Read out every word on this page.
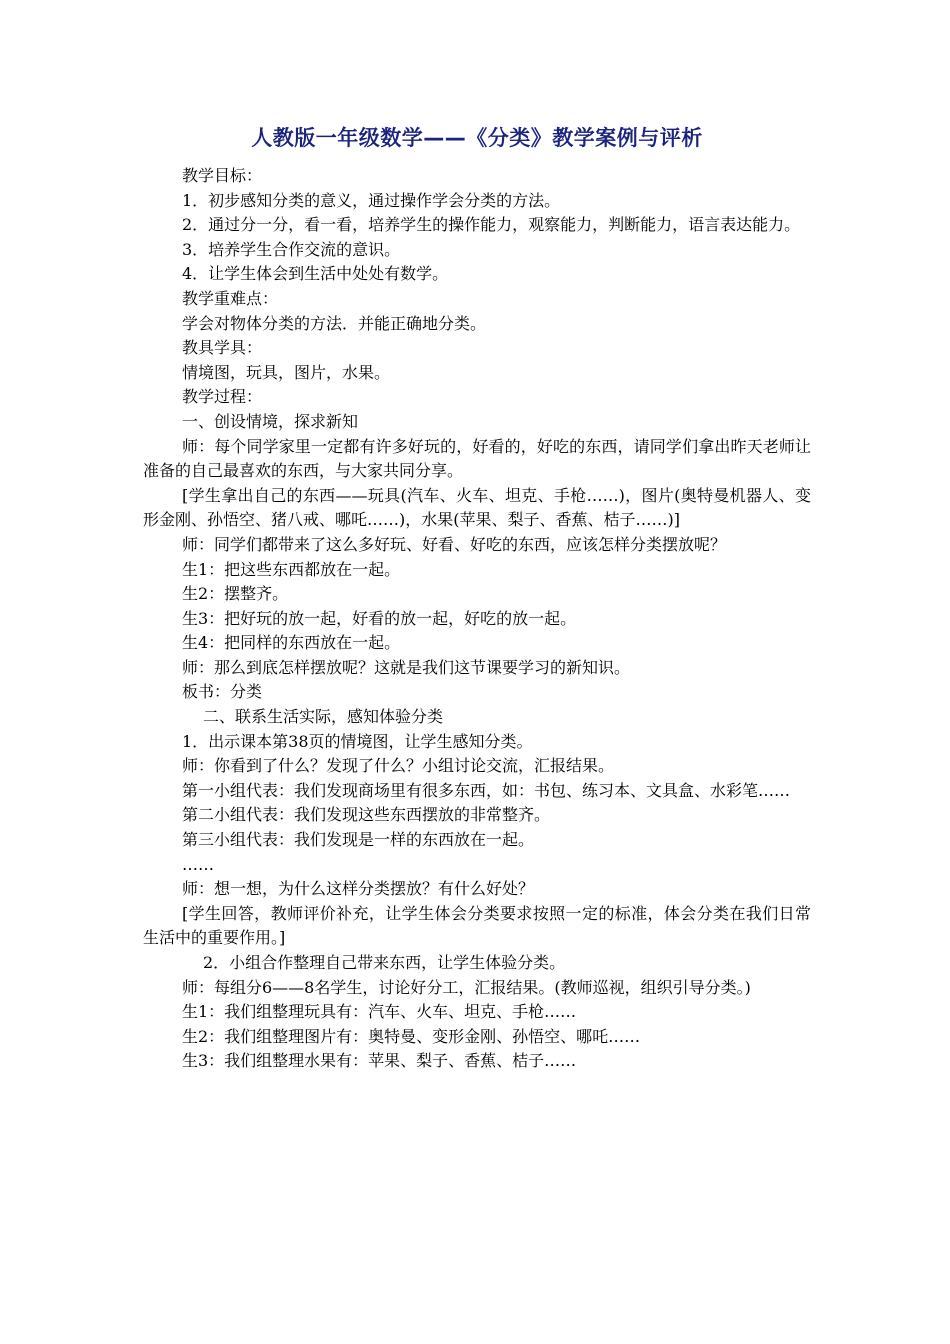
人教版一年级数学——《分类》教学案例与评析

教学目标：

1．初步感知分类的意义，通过操作学会分类的方法。

2．通过分一分，看一看，培养学生的操作能力，观察能力，判断能力，语言表达能力。

3．培养学生合作交流的意识。

4．让学生体会到生活中处处有数学。

教学重难点：

学会对物体分类的方法．并能正确地分类。

教具学具：

情境图，玩具，图片，水果。

教学过程：

一、创设情境，探求新知

师：每个同学家里一定都有许多好玩的，好看的，好吃的东西，请同学们拿出昨天老师让准备的自己最喜欢的东西，与大家共同分享。

[学生拿出自己的东西——玩具(汽车、火车、坦克、手枪……)，图片(奥特曼机器人、变形金刚、孙悟空、猪八戒、哪吒……)，水果(苹果、梨子、香蕉、桔子……)]

师：同学们都带来了这么多好玩、好看、好吃的东西，应该怎样分类摆放呢？

生1：把这些东西都放在一起。

生2：摆整齐。

生3：把好玩的放一起，好看的放一起，好吃的放一起。

生4：把同样的东西放在一起。

师：那么到底怎样摆放呢？这就是我们这节课要学习的新知识。

板书：分类

二、联系生活实际，感知体验分类

1．出示课本第38页的情境图，让学生感知分类。

师：你看到了什么？发现了什么？小组讨论交流，汇报结果。

第一小组代表：我们发现商场里有很多东西，如：书包、练习本、文具盒、水彩笔……

第二小组代表：我们发现这些东西摆放的非常整齐。

第三小组代表：我们发现是一样的东西放在一起。

……

师：想一想，为什么这样分类摆放？有什么好处？

[学生回答，教师评价补充，让学生体会分类要求按照一定的标准，体会分类在我们日常生活中的重要作用。]

2．小组合作整理自己带来东西，让学生体验分类。

师：每组分6——8名学生，讨论好分工，汇报结果。(教师巡视，组织引导分类。)

生1：我们组整理玩具有：汽车、火车、坦克、手枪……

生2：我们组整理图片有：奥特曼、变形金刚、孙悟空、哪吒……

生3：我们组整理水果有：苹果、梨子、香蕉、桔子……
